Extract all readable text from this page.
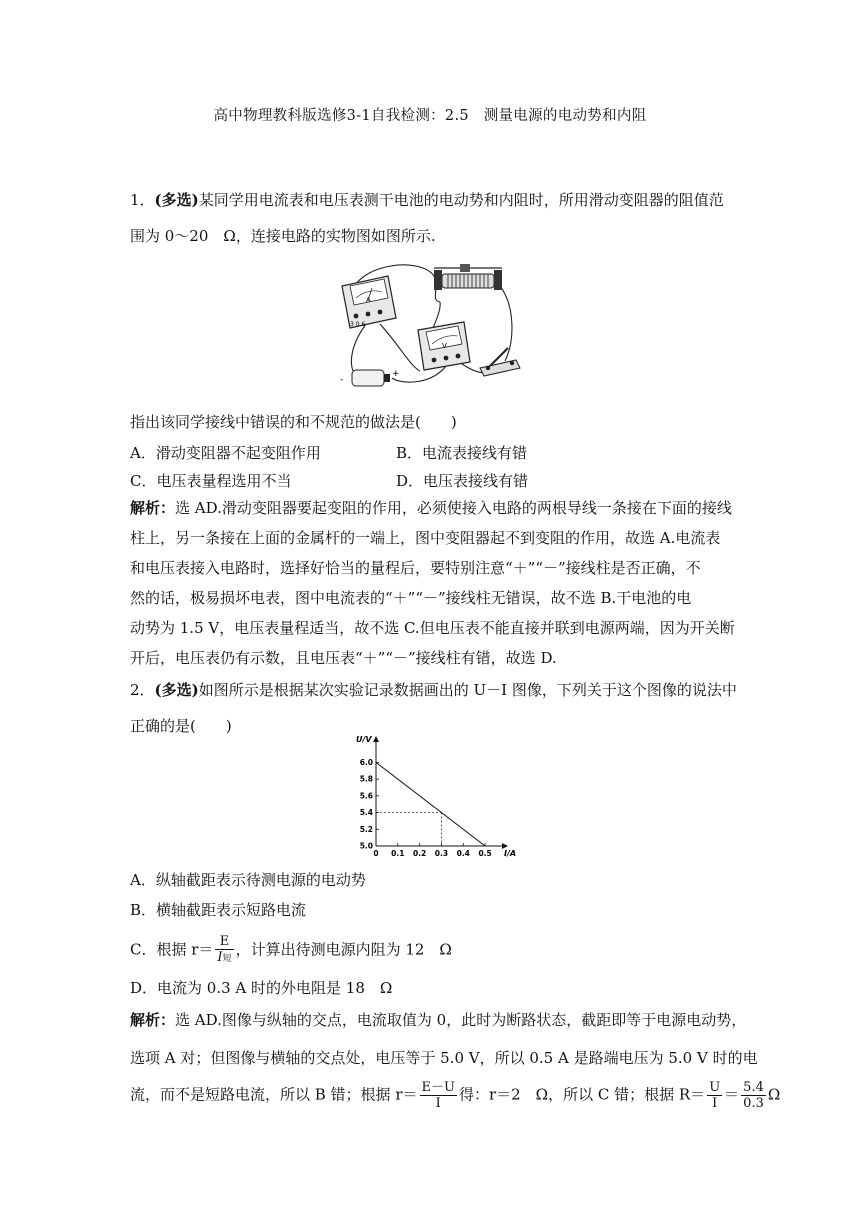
高中物理教科版选修3-1自我检测：2.5　测量电源的电动势和内阻
1．(多选)某同学用电流表和电压表测干电池的电动势和内阻时，所用滑动变阻器的阻值范
围为 0～20　Ω，连接电路的实物图如图所示.
A
3 0.6 -
V
-
+
指出该同学接线中错误的和不规范的做法是(　　)
A．滑动变阻器不起变阻作用	B．电流表接线有错
C．电压表量程选用不当	D．电压表接线有错
解析：选 AD.滑动变阻器要起变阻的作用，必须使接入电路的两根导线一条接在下面的接线
柱上，另一条接在上面的金属杆的一端上，图中变阻器起不到变阻的作用，故选 A.电流表
和电压表接入电路时，选择好恰当的量程后，要特别注意“＋”“－”接线柱是否正确，不
然的话，极易损坏电表，图中电流表的“＋”“－”接线柱无错误，故不选 B.干电池的电
动势为 1.5 V，电压表量程适当，故不选 C.但电压表不能直接并联到电源两端，因为开关断
开后，电压表仍有示数，且电压表“＋”“－”接线柱有错，故选 D.
2．(多选)如图所示是根据某次实验记录数据画出的 U－I 图像，下列关于这个图像的说法中
正确的是(　　)
0 0.1 0.2 0.3 0.4 0.5
5.0
5.2
5.4
5.6
5.8
6.0
I/A
U/V
A．纵轴截距表示待测电源的电动势
B．横轴截距表示短路电流
C．根据 $r= \frac{E}{\text{I短}}$ ，计算出待测电源内阻为 12　Ω
D．电流为 0.3 A 时的外电阻是 18　Ω
解析：选 AD.图像与纵轴的交点，电流取值为 0，此时为断路状态，截距即等于电源电动势，
选项 A 对；但图像与横轴的交点处，电压等于 5.0 V，所以 0.5 A 是路端电压为 5.0 V 时的电
流，而不是短路电流，所以 B 错；根据 $r= \frac{E-U}{I}$ 得：r＝2　Ω，所以 C 错；根据 $R= \frac{U}{I} = \frac{5.4}{0.3}$ Ω
